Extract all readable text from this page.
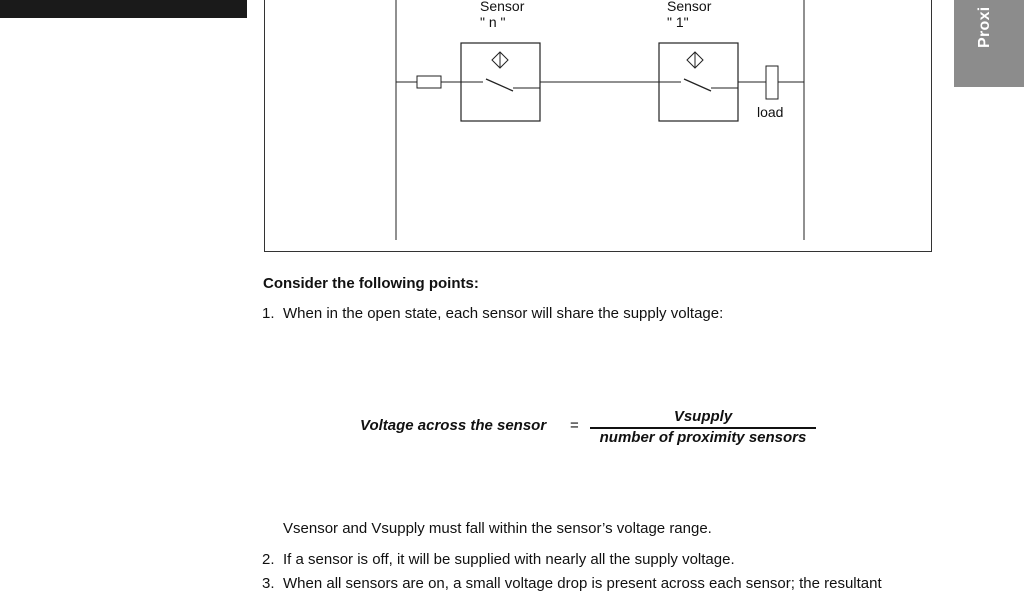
Proxi
Sensor
" n "
Sensor
" 1"
load
Consider the following points:
1. When in the open state, each sensor will share the supply voltage:
Voltage across the sensor =
Vsupply
number of proximity sensors
Vsensor and Vsupply must fall within the sensor’s voltage range.
2. If a sensor is off, it will be supplied with nearly all the supply voltage.
3. When all sensors are on, a small voltage drop is present across each sensor; the resultant
